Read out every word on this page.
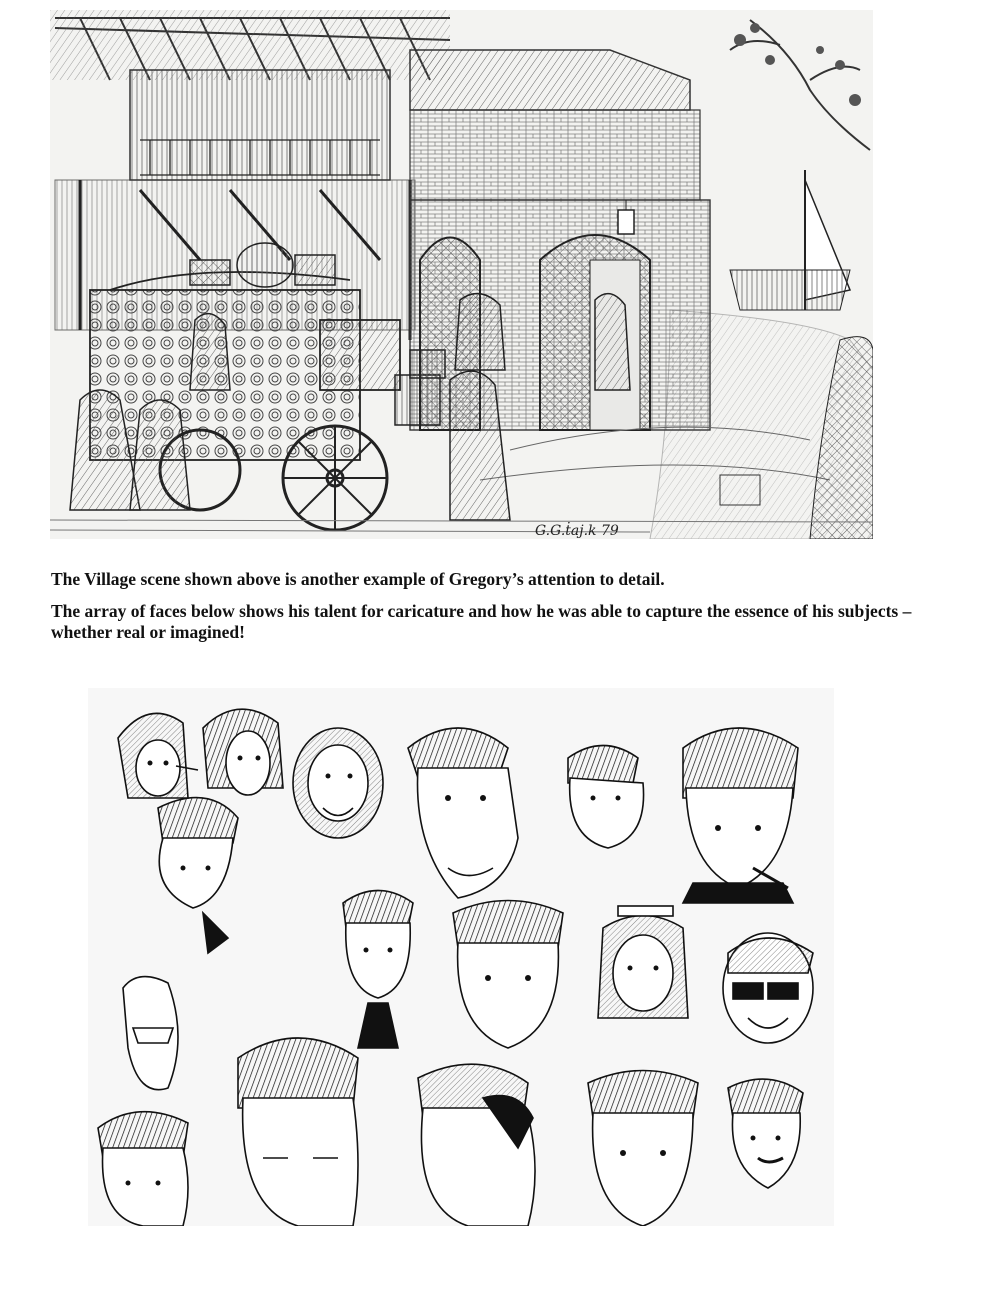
G.G.ṫaj.k 79

The Village scene shown above is another example of Gregory’s attention to detail.

The array of faces below shows his talent for caricature and how he was able to capture the essence of his subjects – whether real or imagined!
